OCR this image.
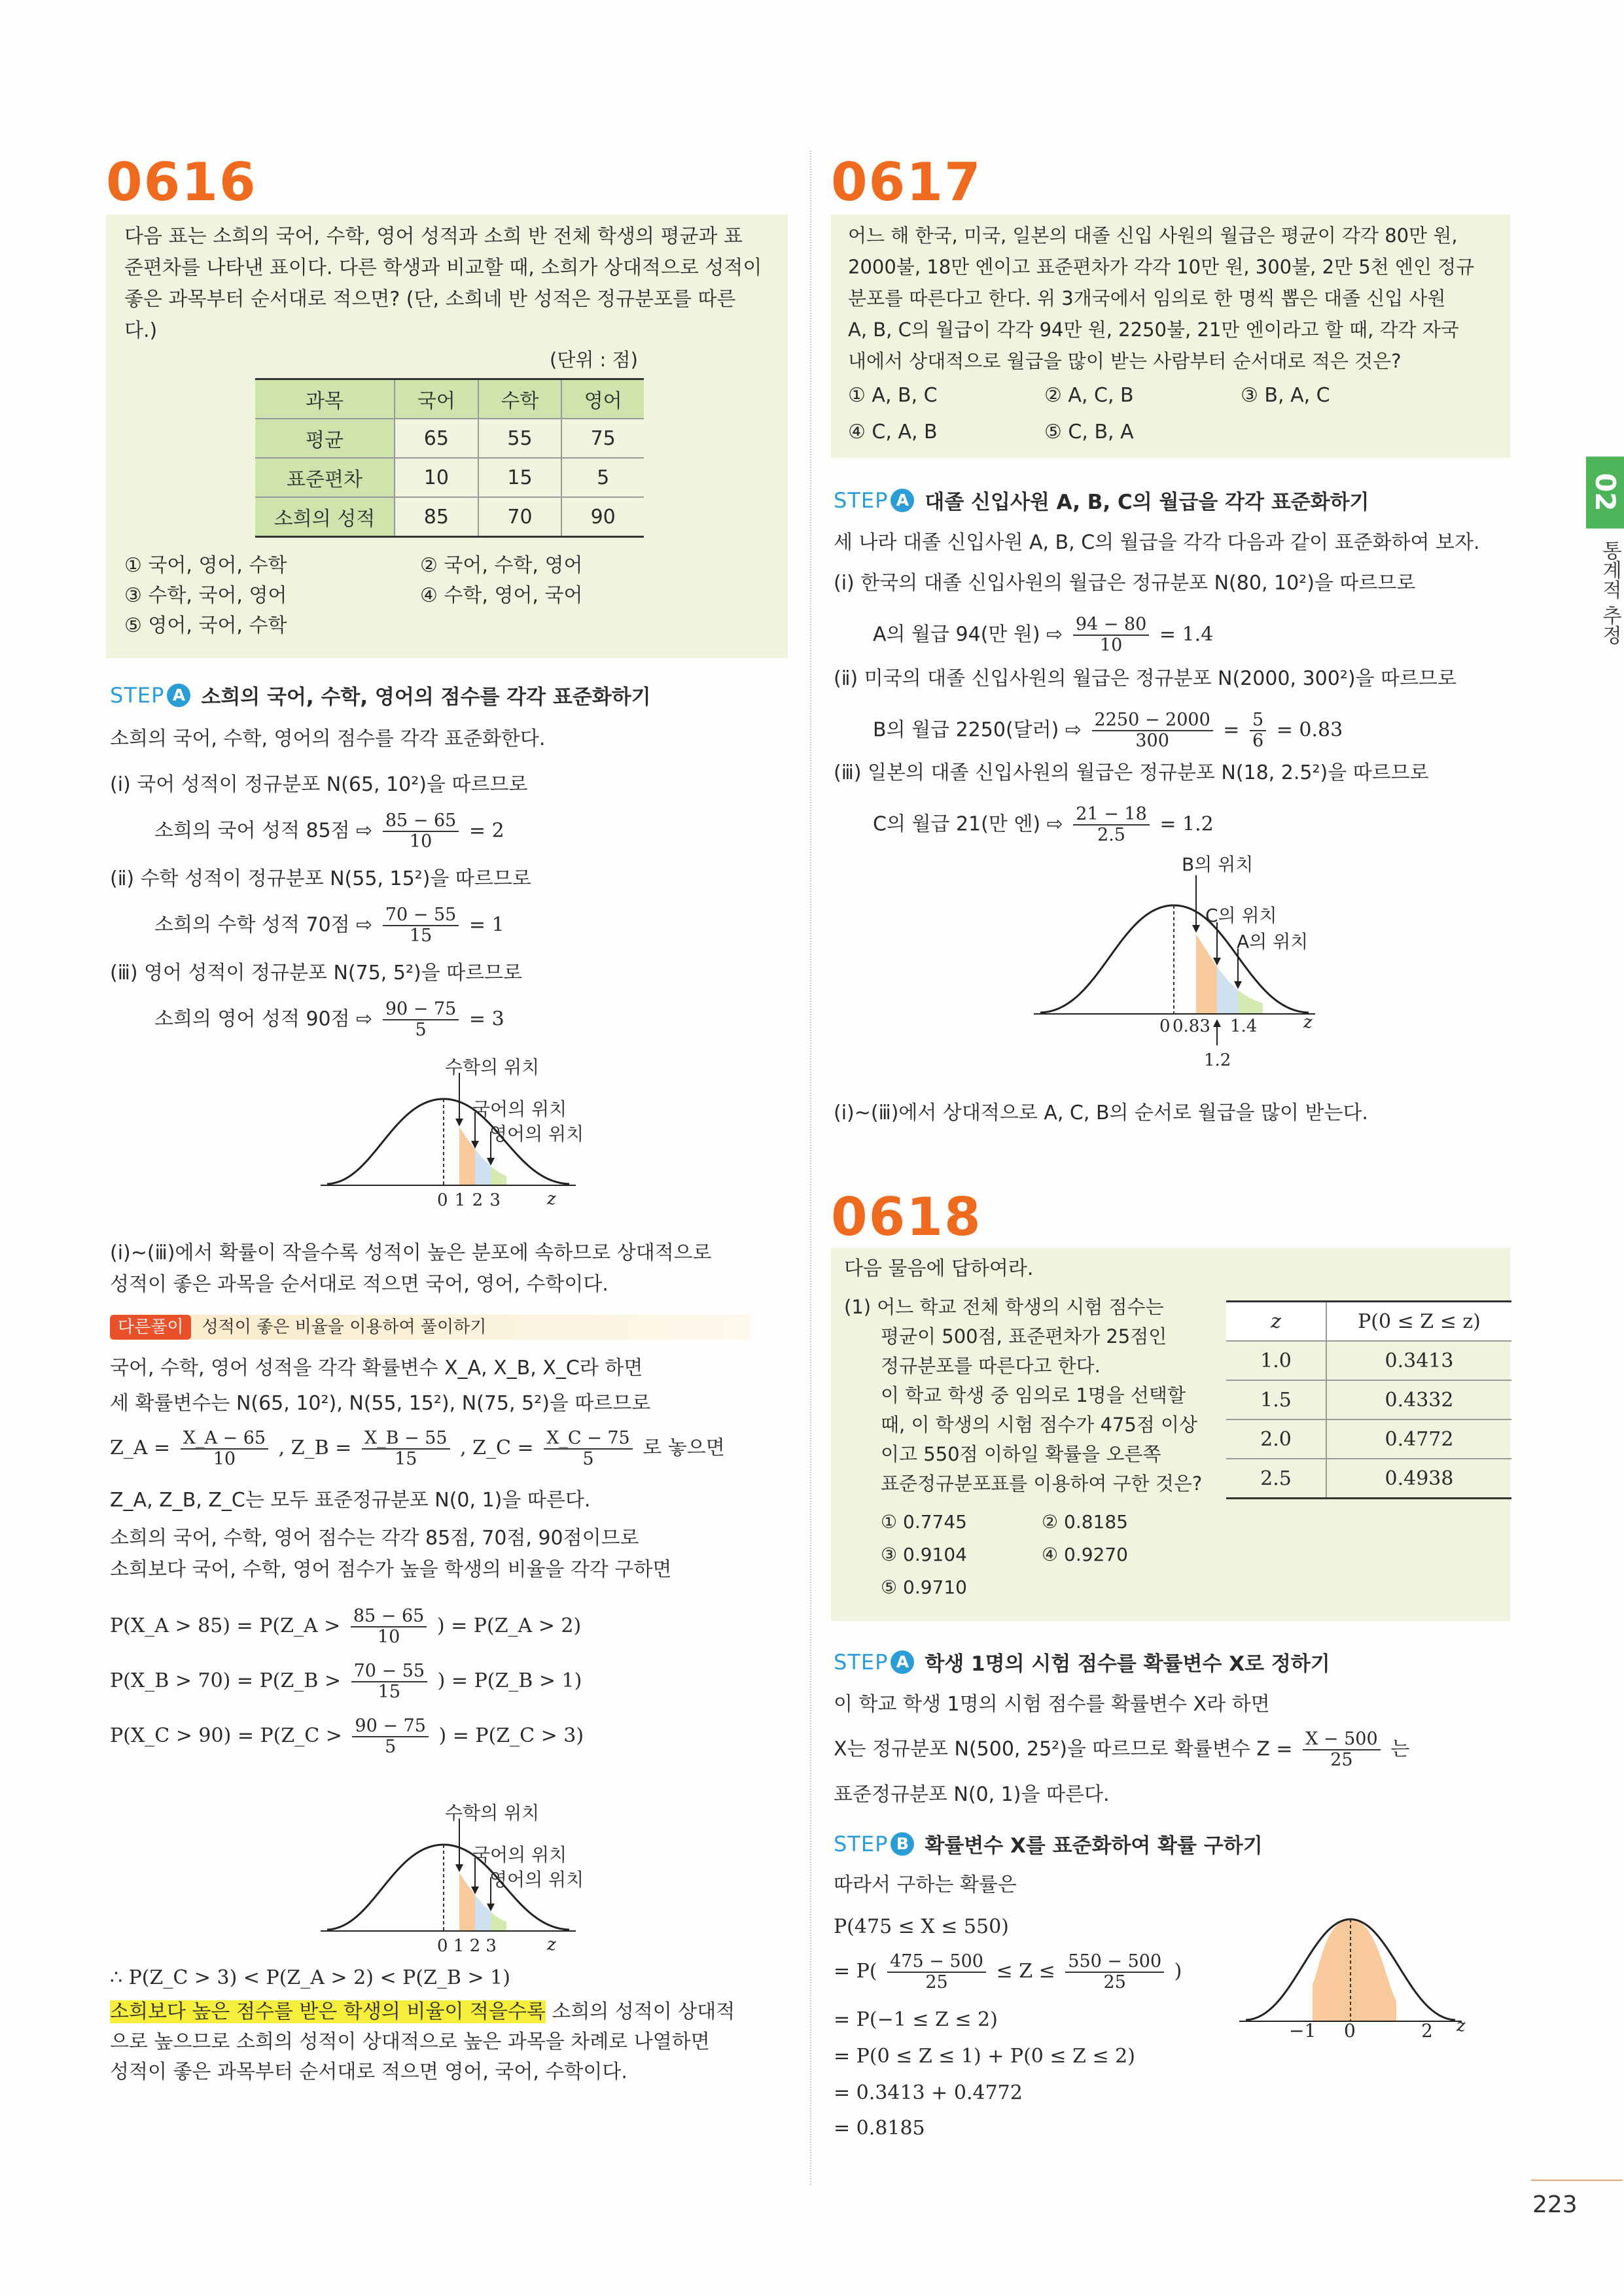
02
통계적 추정
0616
다음 표는 소희의 국어, 수학, 영어 성적과 소희 반 전체 학생의 평균과 표
준편차를 나타낸 표이다. 다른 학생과 비교할 때, 소희가 상대적으로 성적이
좋은 과목부터 순서대로 적으면? (단, 소희네 반 성적은 정규분포를 따른
다.)
(단위 : 점)
과목	국어	수학	영어
평균	65	55	75
표준편차	10	15	5
소희의 성적	85	70	90
① 국어, 영어, 수학
③ 수학, 국어, 영어
⑤ 영어, 국어, 수학
② 국어, 수학, 영어
④ 수학, 영어, 국어
STEP A 소희의 국어, 수학, 영어의 점수를 각각 표준화하기
소희의 국어, 수학, 영어의 점수를 각각 표준화한다.
(ⅰ) 국어 성적이 정규분포 N(65, 10²)을 따르므로
소희의 국어 성적 85점 ⇨ $\frac{85 - 65}{10} = 2$
(ⅱ) 수학 성적이 정규분포 N(55, 15²)을 따르므로
소희의 수학 성적 70점 ⇨ $\frac{70 - 55}{15} = 1$
(ⅲ) 영어 성적이 정규분포 N(75, 5²)을 따르므로
소희의 영어 성적 90점 ⇨ $\frac{90 - 75}{5} = 3$
수학의 위치
국어의 위치
영어의 위치
0 1 2 3	z
(ⅰ)~(ⅲ)에서 확률이 작을수록 성적이 높은 분포에 속하므로 상대적으로
성적이 좋은 과목을 순서대로 적으면 국어, 영어, 수학이다.
다른풀이 성적이 좋은 비율을 이용하여 풀이하기
국어, 수학, 영어 성적을 각각 확률변수 X_A, X_B, X_C라 하면
세 확률변수는 N(65, 10²), N(55, 15²), N(75, 5²)을 따르므로
Z_A = $\frac{X\_A - 65}{10}$ , Z_B = $\frac{X\_B - 55}{15}$ , Z_C = $\frac{X\_C - 75}{5}$ 로 놓으면
Z_A, Z_B, Z_C는 모두 표준정규분포 N(0, 1)을 따른다.
소희의 국어, 수학, 영어 점수는 각각 85점, 70점, 90점이므로
소희보다 국어, 수학, 영어 점수가 높을 학생의 비율을 각각 구하면
P(X_A > 85) = P(Z_A > $\frac{85 - 65}{10}$ ) = P(Z_A > 2)
P(X_B > 70) = P(Z_B > $\frac{70 - 55}{15}$ ) = P(Z_B > 1)
P(X_C > 90) = P(Z_C > $\frac{90 - 75}{5}$ ) = P(Z_C > 3)
수학의 위치
국어의 위치
영어의 위치
0 1 2 3	z
∴ P(Z_C > 3) < P(Z_A > 2) < P(Z_B > 1)
소희보다 높은 점수를 받은 학생의 비율이 적을수록 소희의 성적이 상대적
으로 높으므로 소희의 성적이 상대적으로 높은 과목을 차례로 나열하면
성적이 좋은 과목부터 순서대로 적으면 영어, 국어, 수학이다.
0617
어느 해 한국, 미국, 일본의 대졸 신입 사원의 월급은 평균이 각각 80만 원,
2000불, 18만 엔이고 표준편차가 각각 10만 원, 300불, 2만 5천 엔인 정규
분포를 따른다고 한다. 위 3개국에서 임의로 한 명씩 뽑은 대졸 신입 사원
A, B, C의 월급이 각각 94만 원, 2250불, 21만 엔이라고 할 때, 각각 자국
내에서 상대적으로 월급을 많이 받는 사람부터 순서대로 적은 것은?
① A, B, C	② A, C, B	③ B, A, C
④ C, A, B	⑤ C, B, A
STEP A 대졸 신입사원 A, B, C의 월급을 각각 표준화하기
세 나라 대졸 신입사원 A, B, C의 월급을 각각 다음과 같이 표준화하여 보자.
(ⅰ) 한국의 대졸 신입사원의 월급은 정규분포 N(80, 10²)을 따르므로
A의 월급 94(만 원) ⇨ $\frac{94 - 80}{10} = 1.4$
(ⅱ) 미국의 대졸 신입사원의 월급은 정규분포 N(2000, 300²)을 따르므로
B의 월급 2250(달러) ⇨ $\frac{2250 - 2000}{300} = \frac{5}{6} = 0.83$
(ⅲ) 일본의 대졸 신입사원의 월급은 정규분포 N(18, 2.5²)을 따르므로
C의 월급 21(만 엔) ⇨ $\frac{21 - 18}{2.5} = 1.2$
B의 위치
C의 위치
A의 위치
0 0.83 1.4
1.2
z
(ⅰ)~(ⅲ)에서 상대적으로 A, C, B의 순서로 월급을 많이 받는다.
0618
다음 물음에 답하여라.
(1) 어느 학교 전체 학생의 시험 점수는
평균이 500점, 표준편차가 25점인
정규분포를 따른다고 한다.
이 학교 학생 중 임의로 1명을 선택할
때, 이 학생의 시험 점수가 475점 이상
이고 550점 이하일 확률을 오른쪽
표준정규분포표를 이용하여 구한 것은?
z	P(0 ≤ Z ≤ z)
1.0	0.3413
1.5	0.4332
2.0	0.4772
2.5	0.4938
① 0.7745
③ 0.9104
⑤ 0.9710
② 0.8185
④ 0.9270
STEP A 학생 1명의 시험 점수를 확률변수 X로 정하기
이 학교 학생 1명의 시험 점수를 확률변수 X라 하면
X는 정규분포 N(500, 25²)을 따르므로 확률변수 $Z = \frac{X - 500}{25}$ 는
표준정규분포 N(0, 1)을 따른다.
STEP B 확률변수 X를 표준화하여 확률 구하기
따라서 구하는 확률은
P(475 ≤ X ≤ 550)
= $P( \frac{475 - 500}{25} \le Z \le \frac{550 - 500}{25}$ )
= P(−1 ≤ Z ≤ 2)
= P(0 ≤ Z ≤ 1) + P(0 ≤ Z ≤ 2)
= 0.3413 + 0.4772
= 0.8185
−1 0	2 z
223
